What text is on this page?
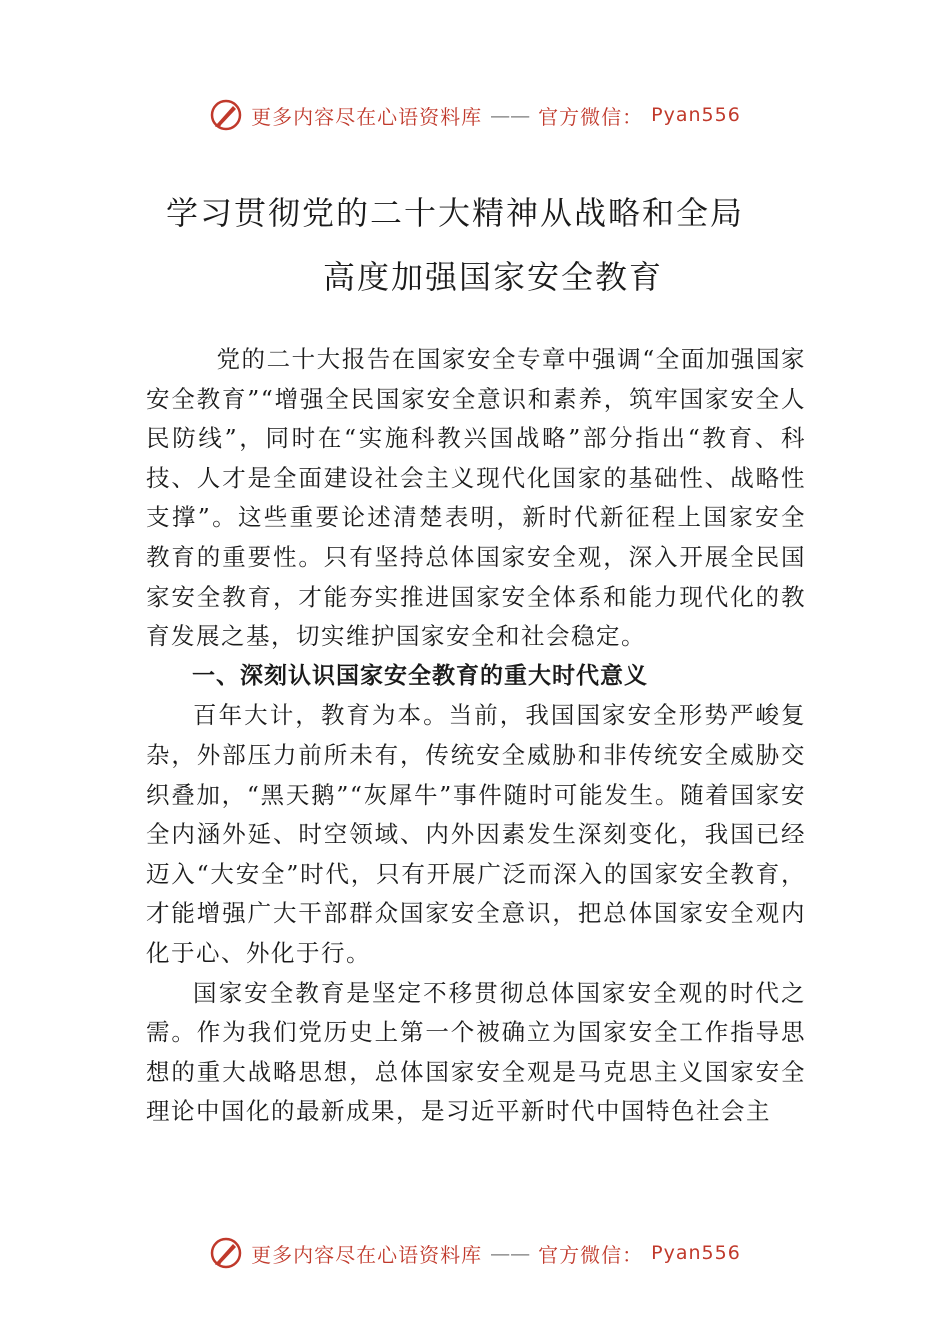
更多内容尽在心语资料库 —— 官方微信： Pyan556
学习贯彻党的二十大精神从战略和全局
高度加强国家安全教育

党的二十大报告在国家安全专章中强调“全面加强国家安全教育”“增强全民国家安全意识和素养，筑牢国家安全人民防线”，同时在“实施科教兴国战略”部分指出“教育、科技、人才是全面建设社会主义现代化国家的基础性、战略性支撑”。这些重要论述清楚表明，新时代新征程上国家安全教育的重要性。只有坚持总体国家安全观，深入开展全民国家安全教育，才能夯实推进国家安全体系和能力现代化的教育发展之基，切实维护国家安全和社会稳定。

一、深刻认识国家安全教育的重大时代意义

百年大计，教育为本。当前，我国国家安全形势严峻复杂，外部压力前所未有，传统安全威胁和非传统安全威胁交织叠加，“黑天鹅”“灰犀牛”事件随时可能发生。随着国家安全内涵外延、时空领域、内外因素发生深刻变化，我国已经迈入“大安全”时代，只有开展广泛而深入的国家安全教育，才能增强广大干部群众国家安全意识，把总体国家安全观内化于心、外化于行。

国家安全教育是坚定不移贯彻总体国家安全观的时代之需。作为我们党历史上第一个被确立为国家安全工作指导思想的重大战略思想，总体国家安全观是马克思主义国家安全理论中国化的最新成果，是习近平新时代中国特色社会主

更多内容尽在心语资料库 —— 官方微信： Pyan556
